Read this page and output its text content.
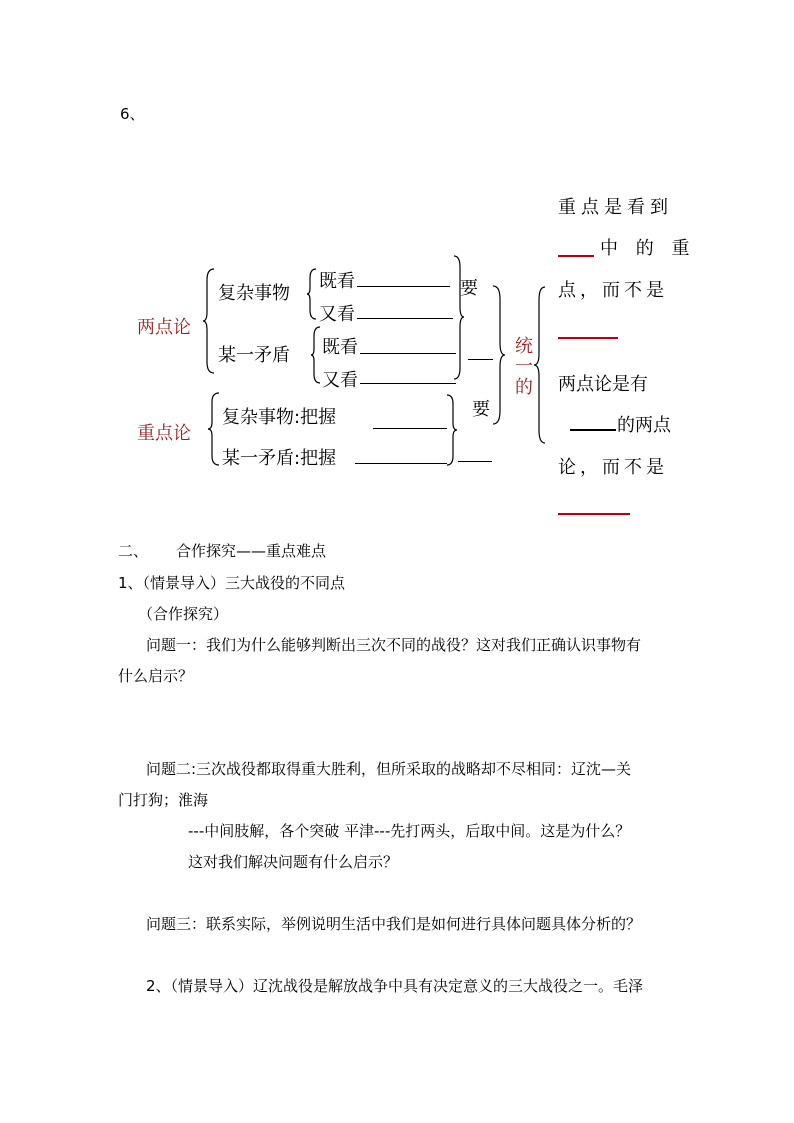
6、
两点论
重点论
复杂事物
某一矛盾
既看
又看
既看
又看
要
复杂事物:把握
某一矛盾:把握
要
统
一
的
重点是看到
中 的 重
点，而不是
两点论是有
的两点
论，而不是
二、 合作探究——重点难点
1、（情景导入）三大战役的不同点
（合作探究）
问题一：我们为什么能够判断出三次不同的战役？这对我们正确认识事物有
什么启示？
问题二:三次战役都取得重大胜利，但所采取的战略却不尽相同：辽沈—关
门打狗；淮海
---中间肢解，各个突破 平津---先打两头，后取中间。这是为什么？
这对我们解决问题有什么启示？
问题三：联系实际，举例说明生活中我们是如何进行具体问题具体分析的？
2、（情景导入）辽沈战役是解放战争中具有决定意义的三大战役之一。毛泽
